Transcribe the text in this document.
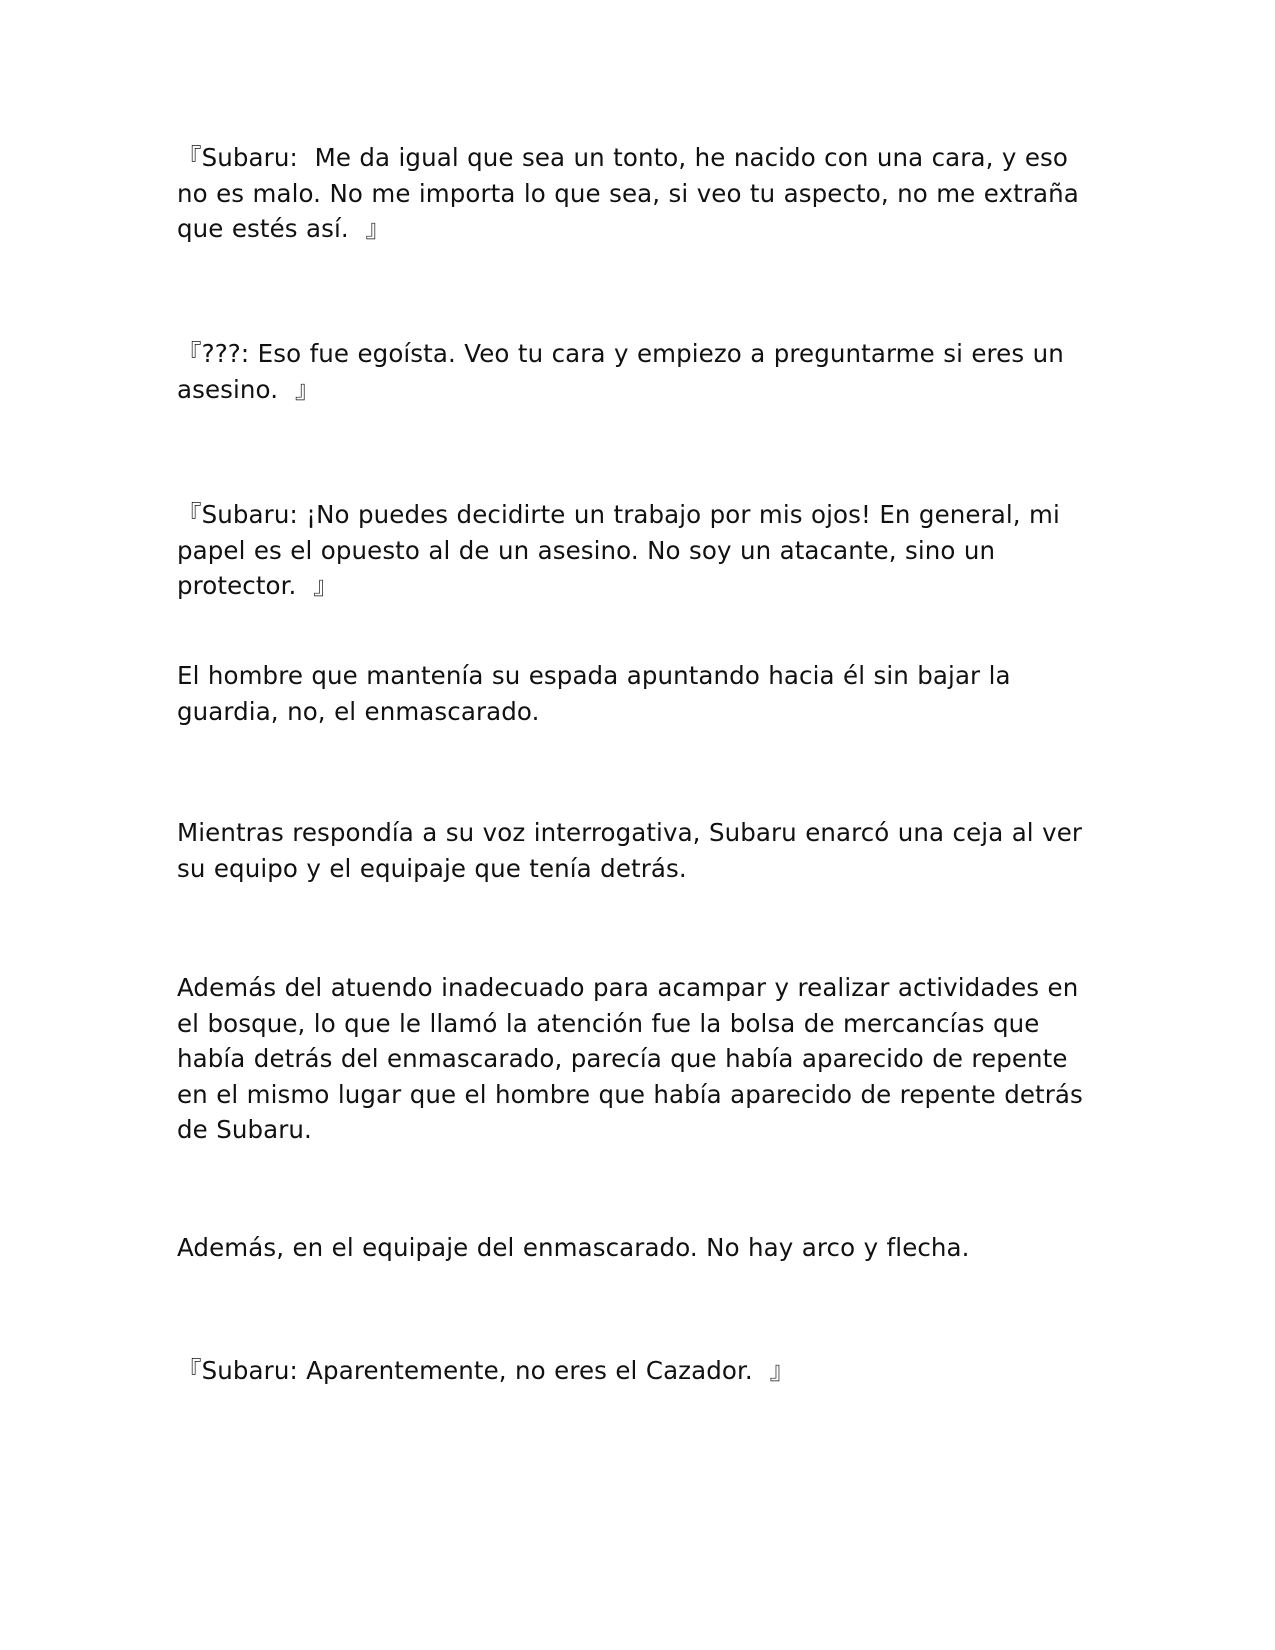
『Subaru:  Me da igual que sea un tonto, he nacido con una cara, y eso no es malo. No me importa lo que sea, si veo tu aspecto, no me extraña que estés así.  』

『???: Eso fue egoísta. Veo tu cara y empiezo a preguntarme si eres un asesino.  』

『Subaru: ¡No puedes decidirte un trabajo por mis ojos! En general, mi papel es el opuesto al de un asesino. No soy un atacante, sino un protector.  』

El hombre que mantenía su espada apuntando hacia él sin bajar la guardia, no, el enmascarado.

Mientras respondía a su voz interrogativa, Subaru enarcó una ceja al ver su equipo y el equipaje que tenía detrás.

Además del atuendo inadecuado para acampar y realizar actividades en el bosque, lo que le llamó la atención fue la bolsa de mercancías que había detrás del enmascarado, parecía que había aparecido de repente en el mismo lugar que el hombre que había aparecido de repente detrás de Subaru.

Además, en el equipaje del enmascarado. No hay arco y flecha.

『Subaru: Aparentemente, no eres el Cazador.  』
